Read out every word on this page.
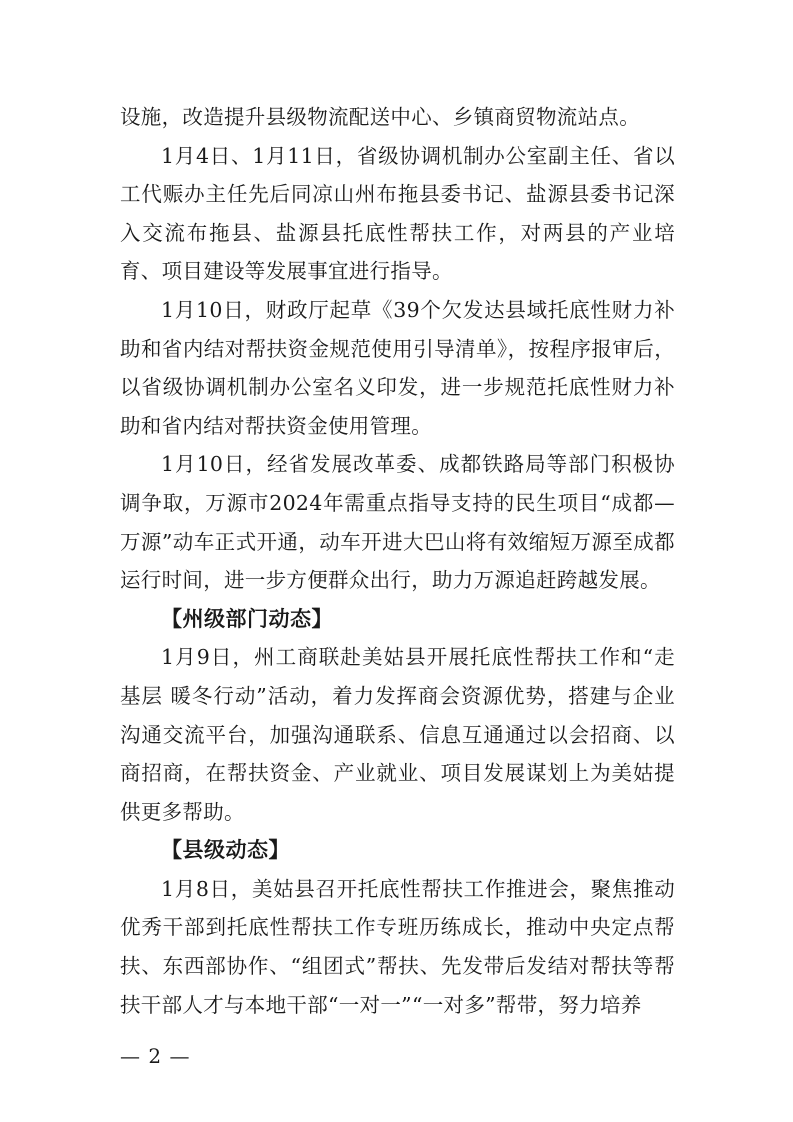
设施，改造提升县级物流配送中心、乡镇商贸物流站点。

1月4日、1月11日，省级协调机制办公室副主任、省以工代赈办主任先后同凉山州布拖县委书记、盐源县委书记深入交流布拖县、盐源县托底性帮扶工作，对两县的产业培育、项目建设等发展事宜进行指导。

1月10日，财政厅起草《39个欠发达县域托底性财力补助和省内结对帮扶资金规范使用引导清单》，按程序报审后，以省级协调机制办公室名义印发，进一步规范托底性财力补助和省内结对帮扶资金使用管理。

1月10日，经省发展改革委、成都铁路局等部门积极协调争取，万源市2024年需重点指导支持的民生项目“成都—万源”动车正式开通，动车开进大巴山将有效缩短万源至成都运行时间，进一步方便群众出行，助力万源追赶跨越发展。

【州级部门动态】

1月9日，州工商联赴美姑县开展托底性帮扶工作和“走基层 暖冬行动”活动，着力发挥商会资源优势，搭建与企业沟通交流平台，加强沟通联系、信息互通通过以会招商、以商招商，在帮扶资金、产业就业、项目发展谋划上为美姑提供更多帮助。

【县级动态】

1月8日，美姑县召开托底性帮扶工作推进会，聚焦推动优秀干部到托底性帮扶工作专班历练成长，推动中央定点帮扶、东西部协作、“组团式”帮扶、先发带后发结对帮扶等帮扶干部人才与本地干部“一对一”“一对多”帮带，努力培养

— 2 —
